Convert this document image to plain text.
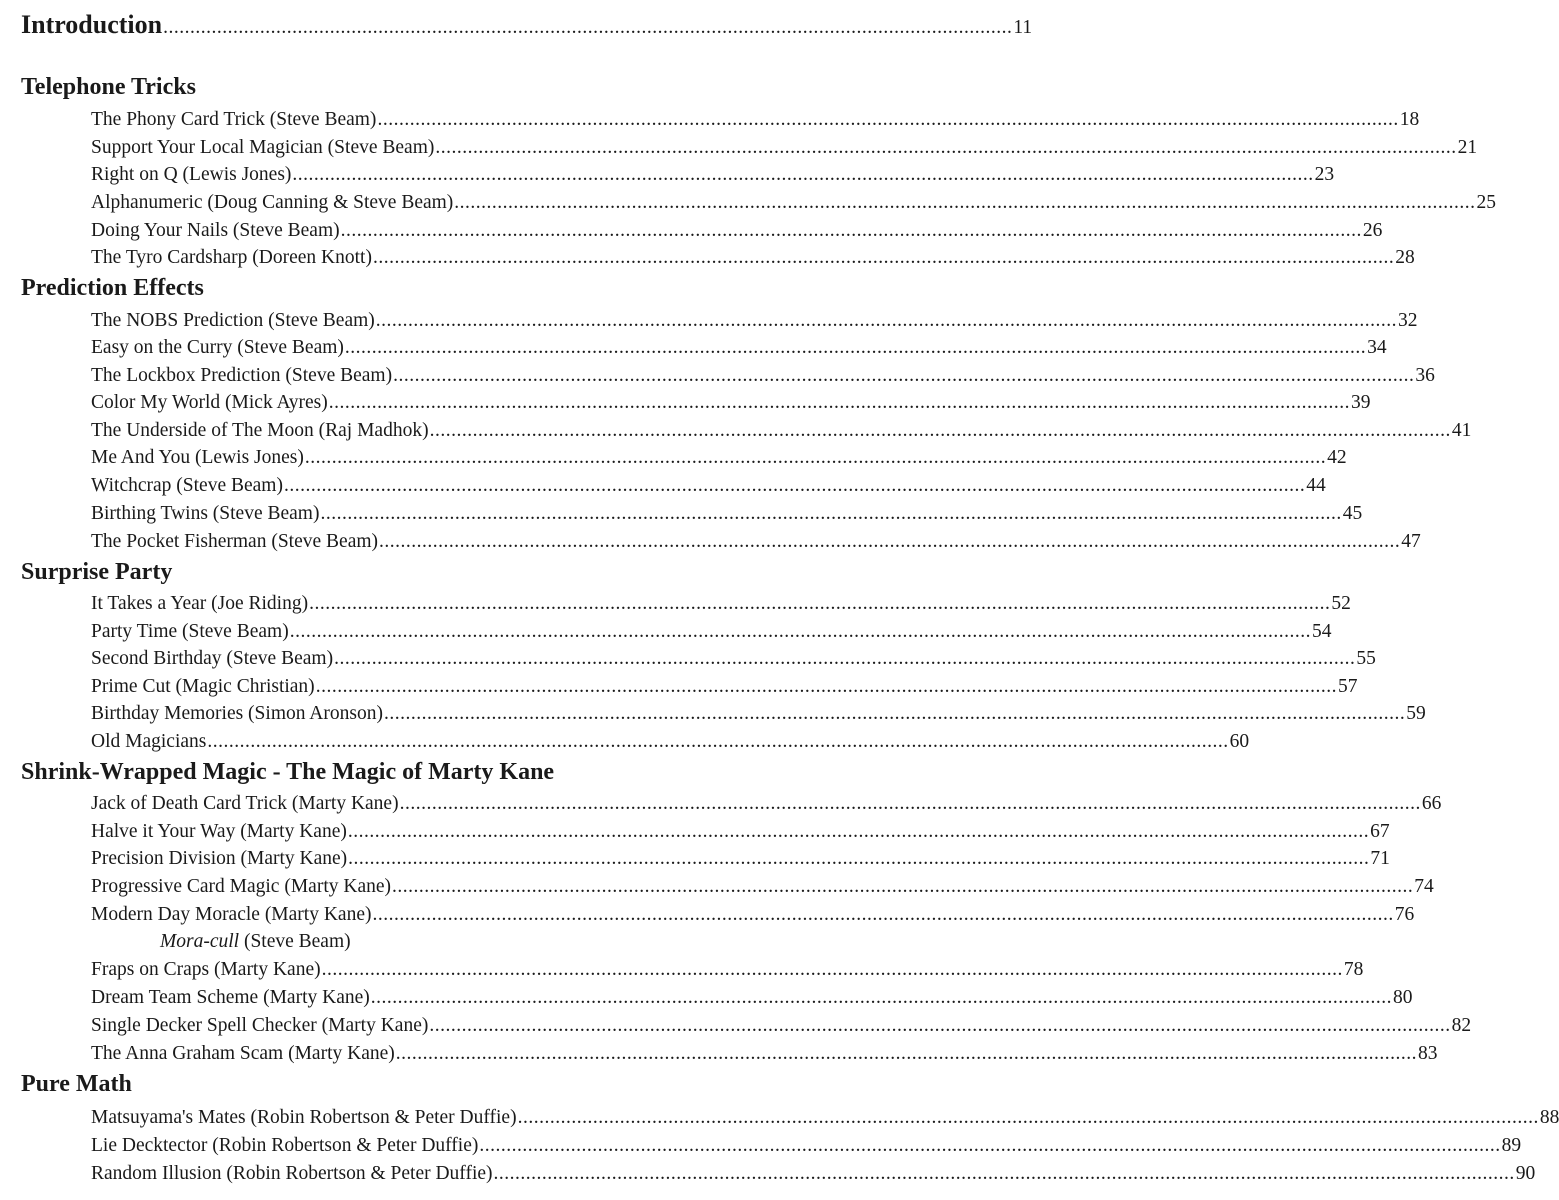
Introduction .............................................................................................................................................................. 11
Telephone Tricks
The Phony Card Trick (Steve Beam) .............................................................................................................................................................................................. 18
Support Your Local Magician (Steve Beam) .............................................................................................................................................................................................. 21
Right on Q (Lewis Jones) .............................................................................................................................................................................................. 23
Alphanumeric (Doug Canning & Steve Beam) .............................................................................................................................................................................................. 25
Doing Your Nails (Steve Beam) .............................................................................................................................................................................................. 26
The Tyro Cardsharp (Doreen Knott) .............................................................................................................................................................................................. 28
Prediction Effects
The NOBS Prediction (Steve Beam) .............................................................................................................................................................................................. 32
Easy on the Curry (Steve Beam) .............................................................................................................................................................................................. 34
The Lockbox Prediction (Steve Beam) .............................................................................................................................................................................................. 36
Color My World (Mick Ayres) .............................................................................................................................................................................................. 39
The Underside of The Moon (Raj Madhok) .............................................................................................................................................................................................. 41
Me And You (Lewis Jones) .............................................................................................................................................................................................. 42
Witchcrap (Steve Beam) .............................................................................................................................................................................................. 44
Birthing Twins (Steve Beam) .............................................................................................................................................................................................. 45
The Pocket Fisherman (Steve Beam) .............................................................................................................................................................................................. 47
Surprise Party
It Takes a Year (Joe Riding) .............................................................................................................................................................................................. 52
Party Time (Steve Beam) .............................................................................................................................................................................................. 54
Second Birthday (Steve Beam) .............................................................................................................................................................................................. 55
Prime Cut (Magic Christian) .............................................................................................................................................................................................. 57
Birthday Memories (Simon Aronson) .............................................................................................................................................................................................. 59
Old Magicians .............................................................................................................................................................................................. 60
Shrink-Wrapped Magic - The Magic of Marty Kane
Jack of Death Card Trick (Marty Kane) .............................................................................................................................................................................................. 66
Halve it Your Way (Marty Kane) .............................................................................................................................................................................................. 67
Precision Division (Marty Kane) .............................................................................................................................................................................................. 71
Progressive Card Magic (Marty Kane) .............................................................................................................................................................................................. 74
Modern Day Moracle (Marty Kane) .............................................................................................................................................................................................. 76
Mora-cull (Steve Beam)
Fraps on Craps (Marty Kane) .............................................................................................................................................................................................. 78
Dream Team Scheme (Marty Kane) .............................................................................................................................................................................................. 80
Single Decker Spell Checker (Marty Kane) .............................................................................................................................................................................................. 82
The Anna Graham Scam (Marty Kane) .............................................................................................................................................................................................. 83
Pure Math
Matsuyama's Mates (Robin Robertson & Peter Duffie) .............................................................................................................................................................................................. 88
Lie Decktector (Robin Robertson & Peter Duffie) .............................................................................................................................................................................................. 89
Random Illusion (Robin Robertson & Peter Duffie) .............................................................................................................................................................................................. 90
